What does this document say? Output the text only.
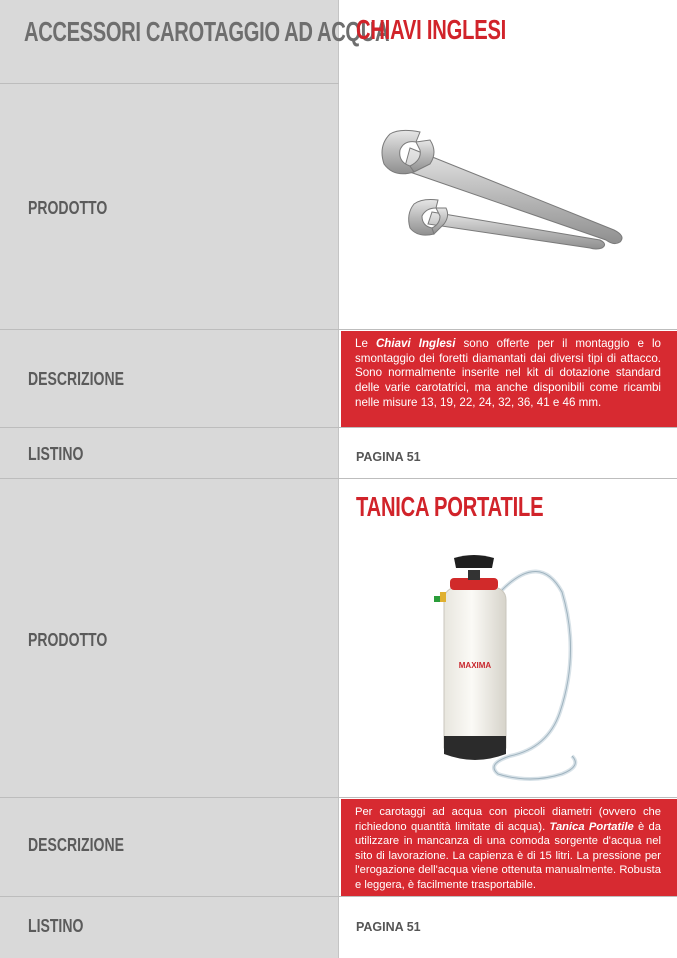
ACCESSORI CAROTAGGIO AD ACQUA
CHIAVI INGLESI
PRODOTTO
DESCRIZIONE
Le Chiavi Inglesi sono offerte per il montaggio e lo smontaggio dei foretti diamantati dai diversi tipi di attacco. Sono normalmente inserite nel kit di dotazione standard delle varie carotatrici, ma anche disponibili come ricambi nelle misure 13, 19, 22, 24, 32, 36, 41 e 46 mm.
LISTINO	PAGINA 51
TANICA PORTATILE
PRODOTTO
MAXIMA
DESCRIZIONE
Per carotaggi ad acqua con piccoli diametri (ovvero che richiedono quantità limitate di acqua). Tanica Portatile è da utilizzare in mancanza di una comoda sorgente d'acqua nel sito di lavorazione. La capienza è di 15 litri. La pressione per l'erogazione dell'acqua viene ottenuta manualmente. Robusta e leggera, è facilmente trasportabile.
LISTINO	PAGINA 51
